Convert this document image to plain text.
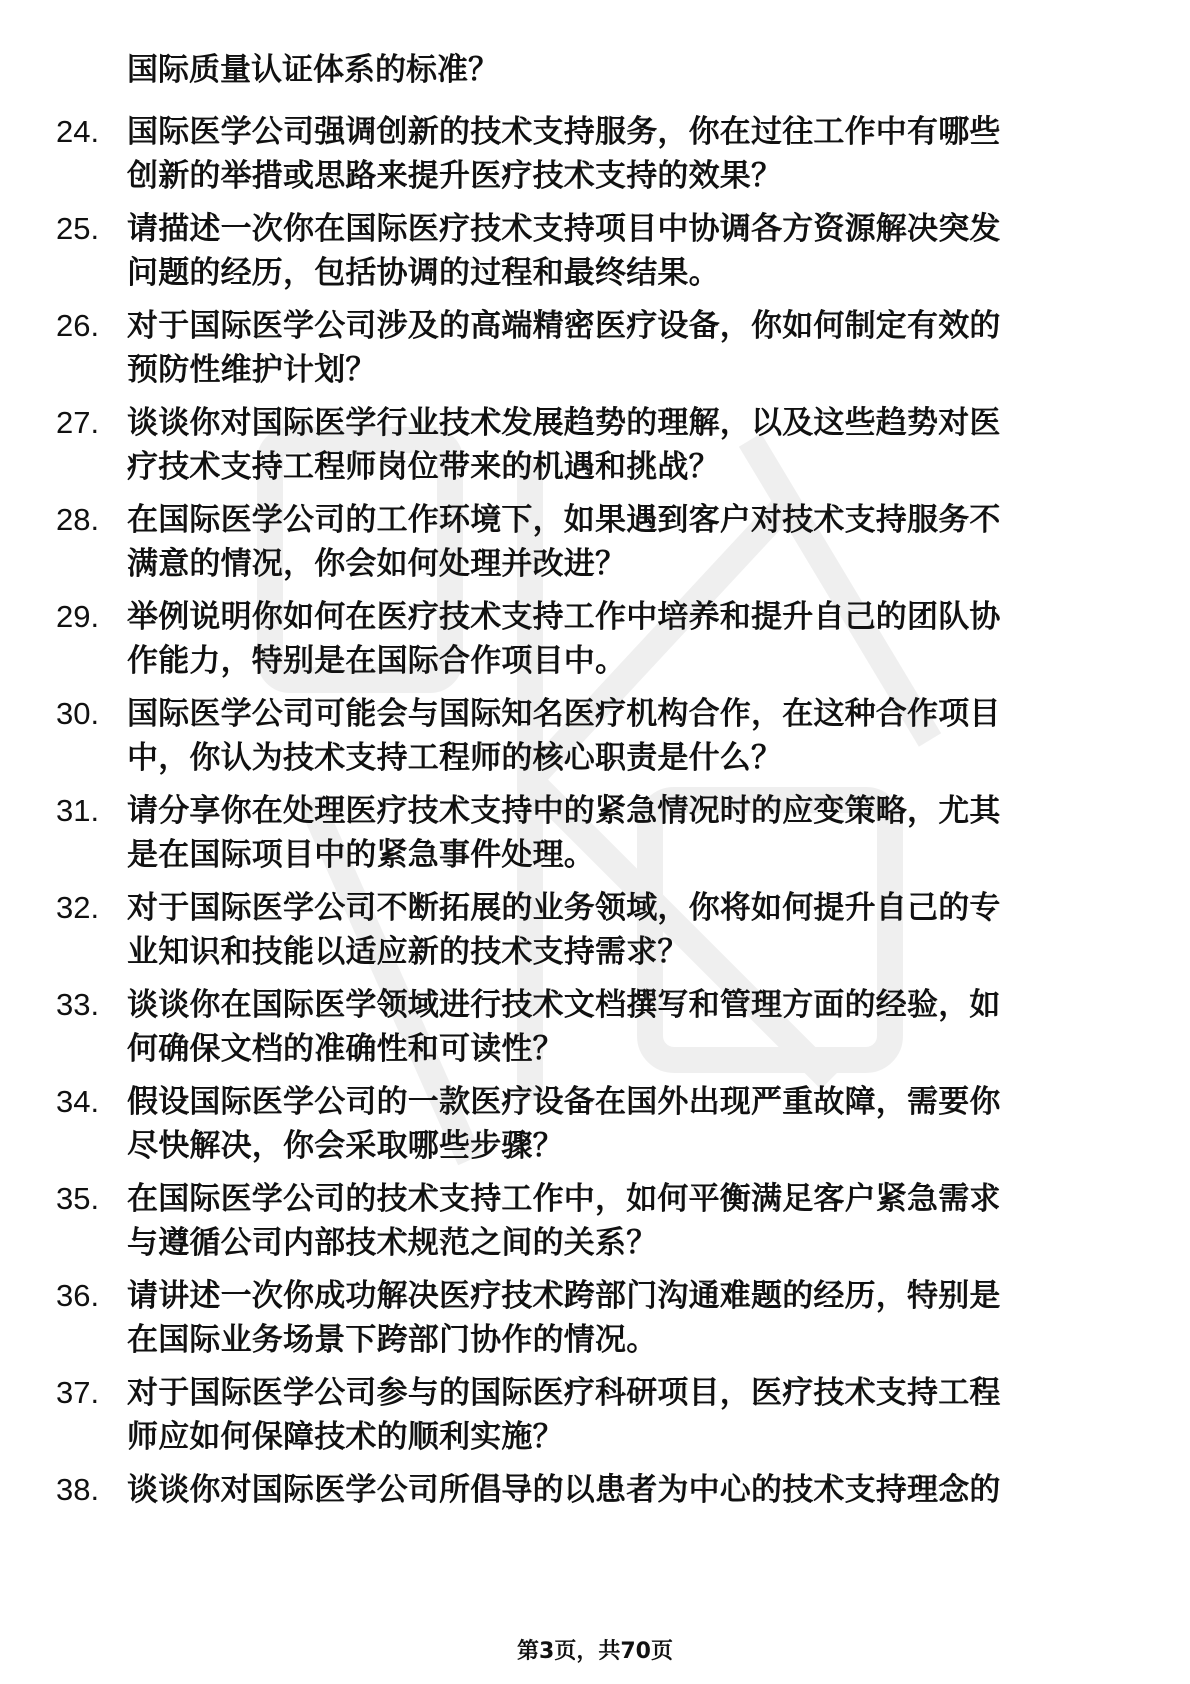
国际质量认证体系的标准？
24. 国际医学公司强调创新的技术支持服务，你在过往工作中有哪些
创新的举措或思路来提升医疗技术支持的效果？
25. 请描述一次你在国际医疗技术支持项目中协调各方资源解决突发
问题的经历，包括协调的过程和最终结果。
26. 对于国际医学公司涉及的高端精密医疗设备，你如何制定有效的
预防性维护计划？
27. 谈谈你对国际医学行业技术发展趋势的理解，以及这些趋势对医
疗技术支持工程师岗位带来的机遇和挑战？
28. 在国际医学公司的工作环境下，如果遇到客户对技术支持服务不
满意的情况，你会如何处理并改进？
29. 举例说明你如何在医疗技术支持工作中培养和提升自己的团队协
作能力，特别是在国际合作项目中。
30. 国际医学公司可能会与国际知名医疗机构合作，在这种合作项目
中，你认为技术支持工程师的核心职责是什么？
31. 请分享你在处理医疗技术支持中的紧急情况时的应变策略，尤其
是在国际项目中的紧急事件处理。
32. 对于国际医学公司不断拓展的业务领域，你将如何提升自己的专
业知识和技能以适应新的技术支持需求？
33. 谈谈你在国际医学领域进行技术文档撰写和管理方面的经验，如
何确保文档的准确性和可读性？
34. 假设国际医学公司的一款医疗设备在国外出现严重故障，需要你
尽快解决，你会采取哪些步骤？
35. 在国际医学公司的技术支持工作中，如何平衡满足客户紧急需求
与遵循公司内部技术规范之间的关系？
36. 请讲述一次你成功解决医疗技术跨部门沟通难题的经历，特别是
在国际业务场景下跨部门协作的情况。
37. 对于国际医学公司参与的国际医疗科研项目，医疗技术支持工程
师应如何保障技术的顺利实施？
38. 谈谈你对国际医学公司所倡导的以患者为中心的技术支持理念的
第3页，共70页
